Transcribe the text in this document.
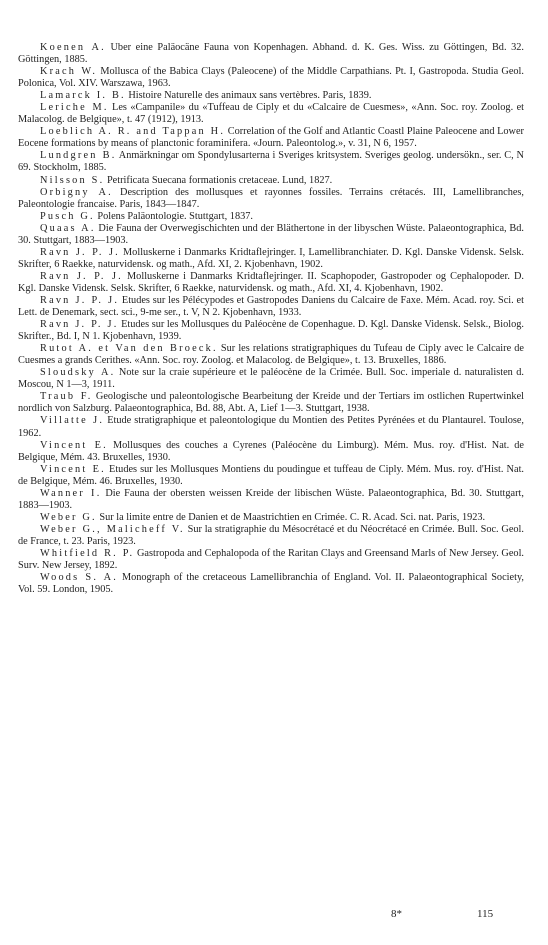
Koenen A. Uber eine Paläocäne Fauna von Kopenhagen. Abhand. d. K. Ges. Wiss. zu Göttingen, Bd. 32. Göttingen, 1885.

Krach W. Mollusca of the Babica Clays (Paleocene) of the Middle Carpathians. Pt. I, Gastropoda. Studia Geol. Polonica, Vol. XIV. Warszawa, 1963.

Lamarck I. B. Histoire Naturelle des animaux sans vertèbres. Paris, 1839.

Leriche M. Les «Campanile» du «Tuffeau de Ciply et du «Calcaire de Cuesmes», «Ann. Soc. roy. Zoolog. et Malacolog. de Belgique», t. 47 (1912), 1913.

Loeblich A. R. and Tappan H. Correlation of the Golf and Atlantic Coastl Plaine Paleocene and Lower Eocene formations by means of planctonic foraminifera. «Journ. Paleontolog.», v. 31, N 6, 1957.

Lundgren B. Anmärkningar om Spondylusarterna i Sveriges kritsystem. Sveriges geolog. undersökn., ser. C, N 69. Stockholm, 1885.

Nilsson S. Petrificata Suecana formationis cretaceae. Lund, 1827.

Orbigny A. Description des mollusques et rayonnes fossiles. Terrains crétacés. III, Lamellibranches, Paleontologie francaise. Paris, 1843—1847.

Pusch G. Polens Paläontologie. Stuttgart, 1837.

Quaas A. Die Fauna der Overwegischichten und der Bläthertone in der libyschen Wüste. Palaeontographica, Bd. 30. Stuttgart, 1883—1903.

Ravn J. P. J. Molluskerne i Danmarks Kridtaflejringer. I, Lamellibranchiater. D. Kgl. Danske Vidensk. Selsk. Skrifter, 6 Raekke, naturvidensk. og math., Afd. XI, 2. Kjobenhavn, 1902.

Ravn J. P. J. Molluskerne i Danmarks Kridtaflejringer. II. Scaphopoder, Gastropoder og Cephalopoder. D. Kgl. Danske Vidensk. Selsk. Skrifter, 6 Raekke, naturvidensk. og math., Afd. XI, 4. Kjobenhavn, 1902.

Ravn J. P. J. Etudes sur les Pélécypodes et Gastropodes Daniens du Calcaire de Faxe. Mém. Acad. roy. Sci. et Lett. de Denemark, sect. sci., 9-me ser., t. V, N 2. Kjobenhavn, 1933.

Ravn J. P. J. Etudes sur les Mollusques du Paléocène de Copenhague. D. Kgl. Danske Vidensk. Selsk., Biolog. Skrifter., Bd. I, N 1. Kjobenhavn, 1939.

Rutot A. et Van den Broeck. Sur les relations stratigraphiques du Tufeau de Ciply avec le Calcaire de Cuesmes a grands Cerithes. «Ann. Soc. roy. Zoolog. et Malacolog. de Belgique», t. 13. Bruxelles, 1886.

Sloudsky A. Note sur la craie supérieure et le paléocène de la Crimée. Bull. Soc. imperiale d. naturalisten d. Moscou, N 1—3, 1911.

Traub F. Geologische und paleontologische Bearbeitung der Kreide und der Tertiars im ostlichen Rupertwinkel nordlich von Salzburg. Palaeontographica, Bd. 88, Abt. A, Lief 1—3. Stuttgart, 1938.

Villatte J. Etude stratigraphique et paleontologique du Montien des Petites Pyrénées et du Plantaurel. Toulose, 1962.

Vincent E. Mollusques des couches a Cyrenes (Paléocène du Limburg). Mém. Mus. roy. d'Hist. Nat. de Belgique, Mém. 43. Bruxelles, 1930.

Vincent E. Etudes sur les Mollusques Montiens du poudingue et tuffeau de Ciply. Mém. Mus. roy. d'Hist. Nat. de Belgique, Mém. 46. Bruxelles, 1930.

Wanner I. Die Fauna der obersten weissen Kreide der libischen Wüste. Palaeontographica, Bd. 30. Stuttgart, 1883—1903.

Weber G. Sur la limite entre de Danien et de Maastrichtien en Crimée. C. R. Acad. Sci. nat. Paris, 1923.

Weber G., Malicheff V. Sur la stratigraphie du Mésocrétacé et du Néocrétacé en Crimée. Bull. Soc. Geol. de France, t. 23. Paris, 1923.

Whitfield R. P. Gastropoda and Cephalopoda of the Raritan Clays and Greensand Marls of New Jersey. Geol. Surv. New Jersey, 1892.

Woods S. A. Monograph of the cretaceous Lamellibranchia of England. Vol. II. Palaeontographical Society, Vol. 59. London, 1905.

8*	115
